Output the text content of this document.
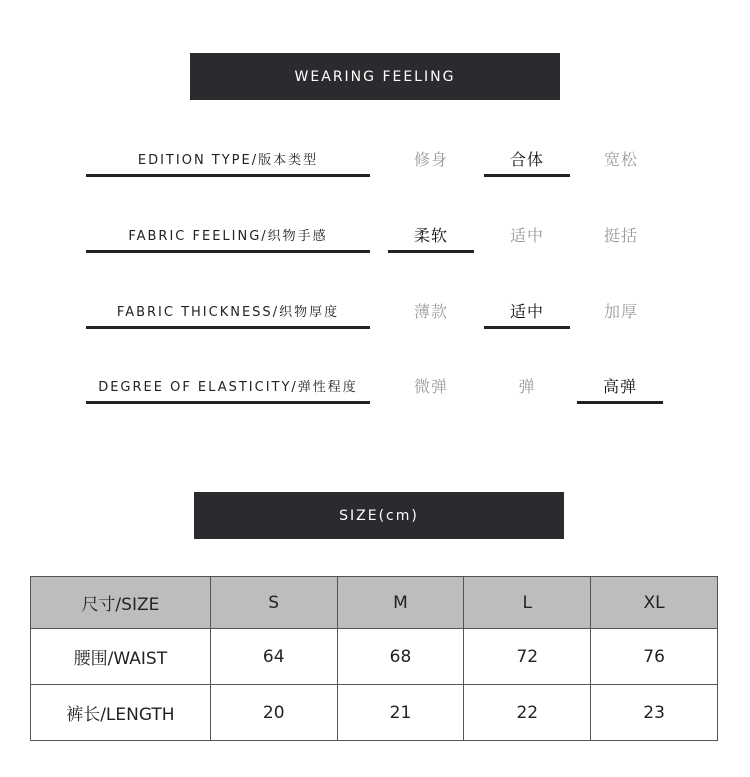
WEARING FEELING
EDITION TYPE/版本类型	修身	合体	宽松
FABRIC FEELING/织物手感	柔软	适中	挺括
FABRIC THICKNESS/织物厚度	薄款	适中	加厚
DEGREE OF ELASTICITY/弹性程度	微弹	弹	高弹
SIZE(cm)
尺寸/SIZE	S	M	L	XL
腰围/WAIST	64	68	72	76
裤长/LENGTH	20	21	22	23
